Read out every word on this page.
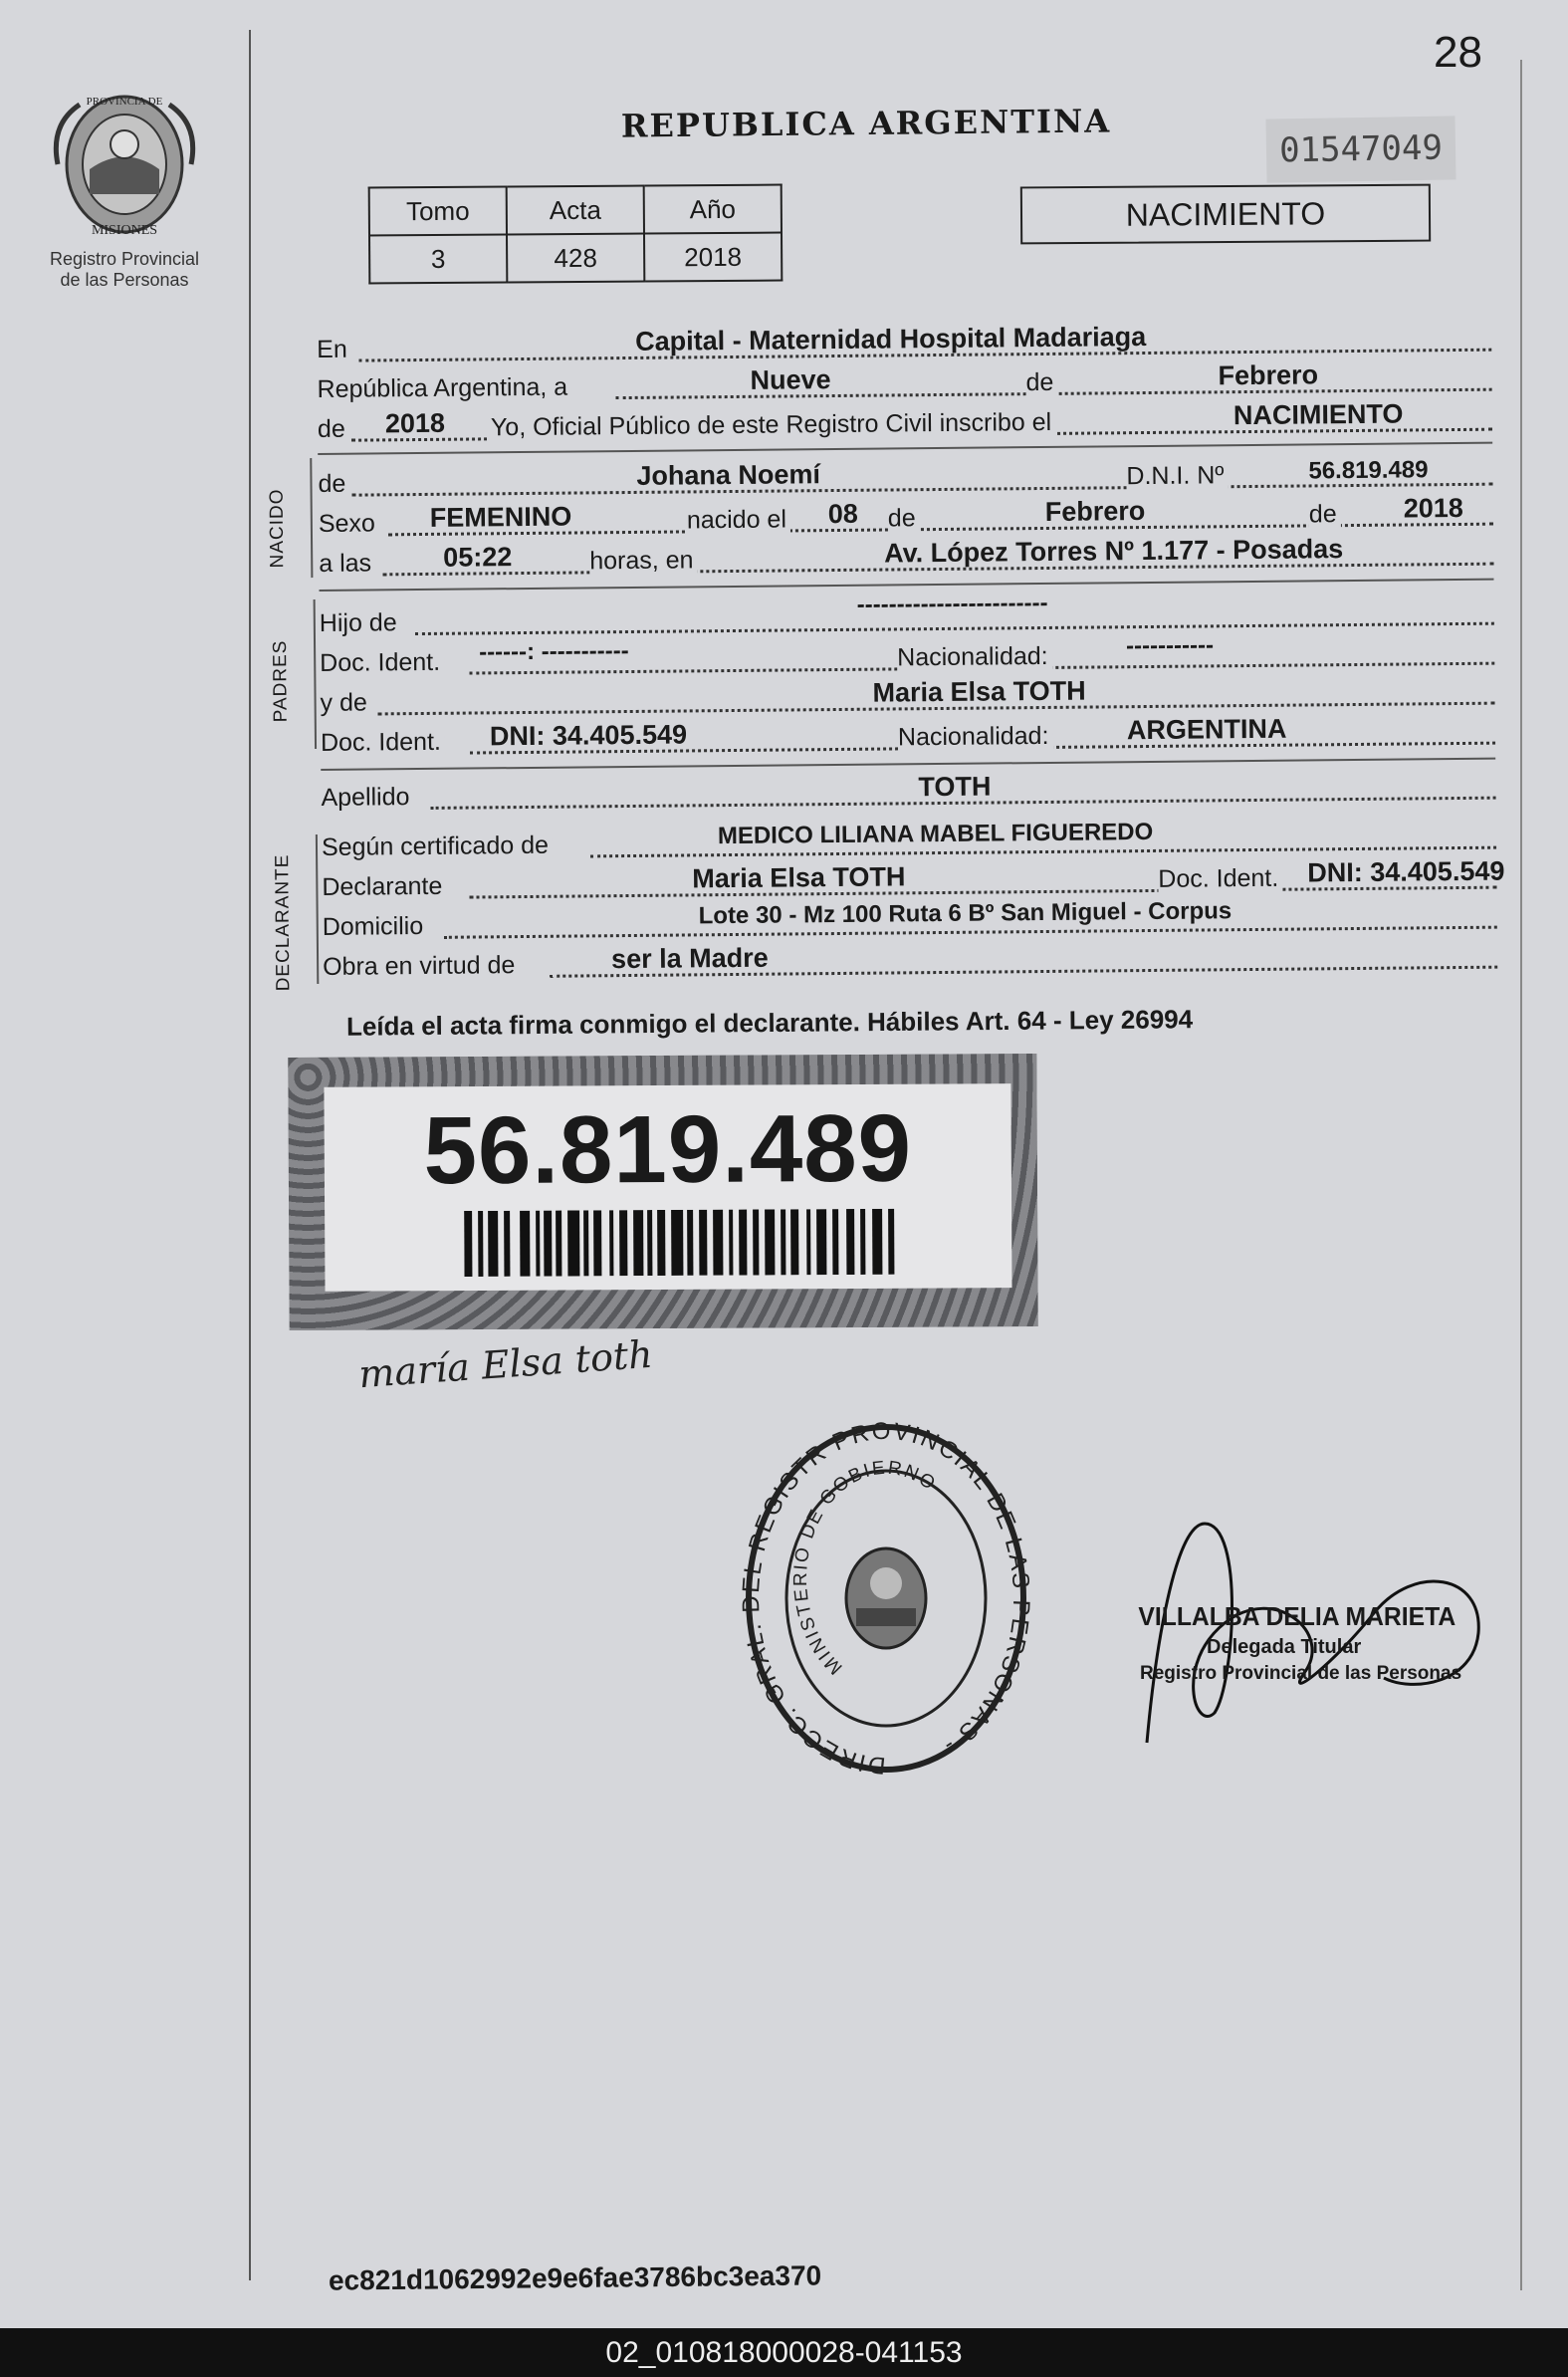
PROVINCIA DE
MISIONES
Registro Provincial
de las Personas
28
REPUBLICA ARGENTINA
01547049
Tomo	Acta	Año
3	428	2018
NACIMIENTO
En	Capital - Maternidad Hospital Madariaga
República Argentina, a	Nueve	de	Febrero
de 2018 Yo, Oficial Público de este Registro Civil inscribo el	NACIMIENTO
NACIDO
de	Johana Noemí	D.N.I. Nº	56.819.489
Sexo FEMENINO	nacido el 08 de	Febrero	de 2018
a las	05:22	horas, en	Av. López Torres Nº 1.177 - Posadas
PADRES
Hijo de
------------------------
Doc. Ident. ------: -----------	Nacionalidad:	-----------
y de	Maria Elsa TOTH
Doc. Ident. DNI: 34.405.549	Nacionalidad:	ARGENTINA
Apellido	TOTH
DECLARANTE
Según certificado de	MEDICO LILIANA MABEL FIGUEREDO
Declarante	Maria Elsa TOTH	Doc. Ident. DNI: 34.405.549
Domicilio	Lote 30 - Mz 100 Ruta 6 Bº San Miguel - Corpus
Obra en virtud de	ser la Madre
Leída el acta firma conmigo el declarante. Hábiles Art. 64 - Ley 26994
56.819.489
maría Elsa toth
DIRECC. GRAL. DEL REGISTR PROVINCIAL DE LAS PERSONAS -
MINISTERIO DE GOBIERNO
VILLALBA DELIA MARIETA
Delegada Titular
Registro Provincial de las Personas
ec821d1062992e9e6fae3786bc3ea370
02_010818000028-041153
